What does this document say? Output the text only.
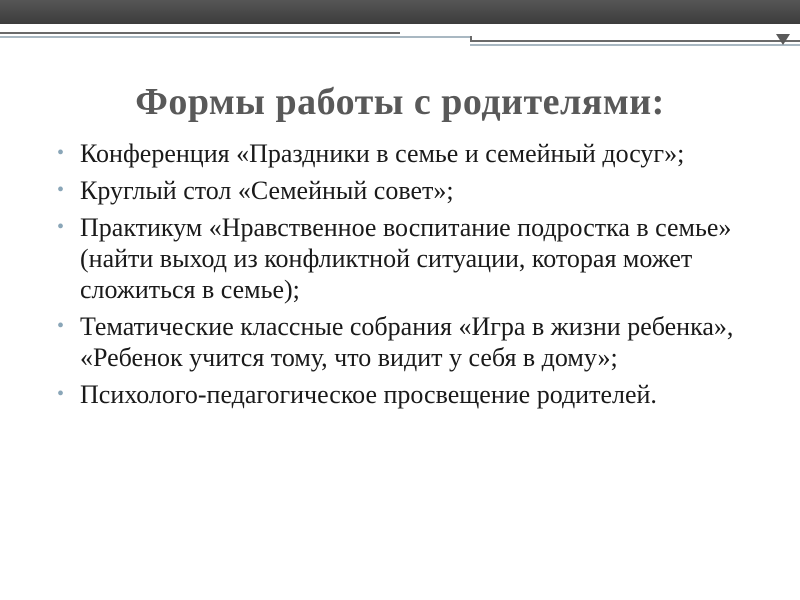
Формы работы с родителями:
• Конференция «Праздники в семье и семейный досуг»;
• Круглый стол «Семейный совет»;
• Практикум «Нравственное воспитание подростка в семье» (найти выход из конфликтной ситуации, которая может сложиться в семье);
• Тематические классные собрания «Игра в жизни ребенка», «Ребенок учится тому, что видит у себя в дому»;
• Психолого-педагогическое просвещение родителей.
